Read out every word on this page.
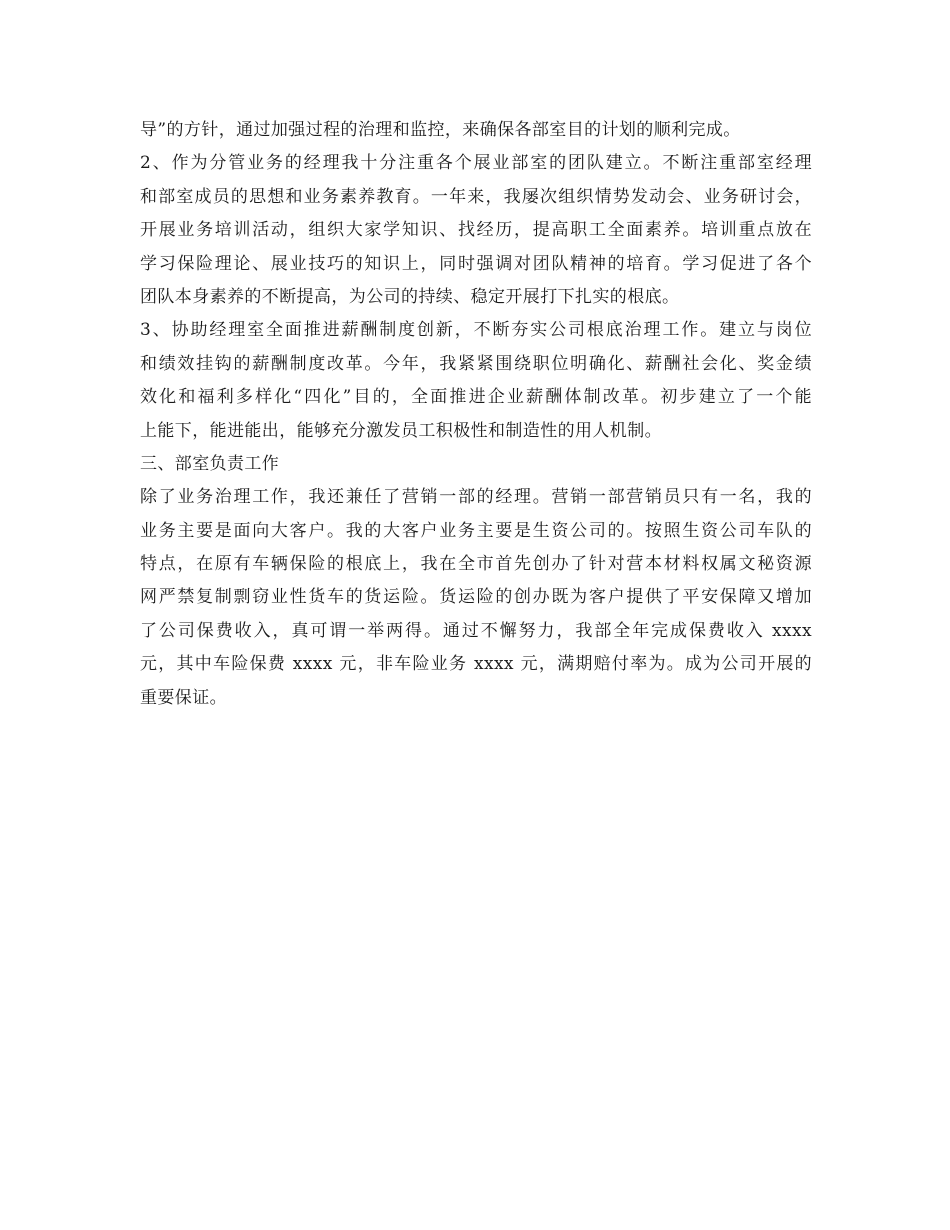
导”的方针，通过加强过程的治理和监控，来确保各部室目的计划的顺利完成。
2、作为分管业务的经理我十分注重各个展业部室的团队建立。不断注重部室经理
和部室成员的思想和业务素养教育。一年来，我屡次组织情势发动会、业务研讨会，
开展业务培训活动，组织大家学知识、找经历，提高职工全面素养。培训重点放在
学习保险理论、展业技巧的知识上，同时强调对团队精神的培育。学习促进了各个
团队本身素养的不断提高，为公司的持续、稳定开展打下扎实的根底。
3、协助经理室全面推进薪酬制度创新，不断夯实公司根底治理工作。建立与岗位
和绩效挂钩的薪酬制度改革。今年，我紧紧围绕职位明确化、薪酬社会化、奖金绩
效化和福利多样化“四化”目的，全面推进企业薪酬体制改革。初步建立了一个能
上能下，能进能出，能够充分激发员工积极性和制造性的用人机制。
三、部室负责工作
除了业务治理工作，我还兼任了营销一部的经理。营销一部营销员只有一名，我的
业务主要是面向大客户。我的大客户业务主要是生资公司的。按照生资公司车队的
特点，在原有车辆保险的根底上，我在全市首先创办了针对营本材料权属文秘资源
网严禁复制剽窃业性货车的货运险。货运险的创办既为客户提供了平安保障又增加
了公司保费收入，真可谓一举两得。通过不懈努力，我部全年完成保费收入 xxxx
元，其中车险保费 xxxx 元，非车险业务 xxxx 元，满期赔付率为。成为公司开展的
重要保证。
